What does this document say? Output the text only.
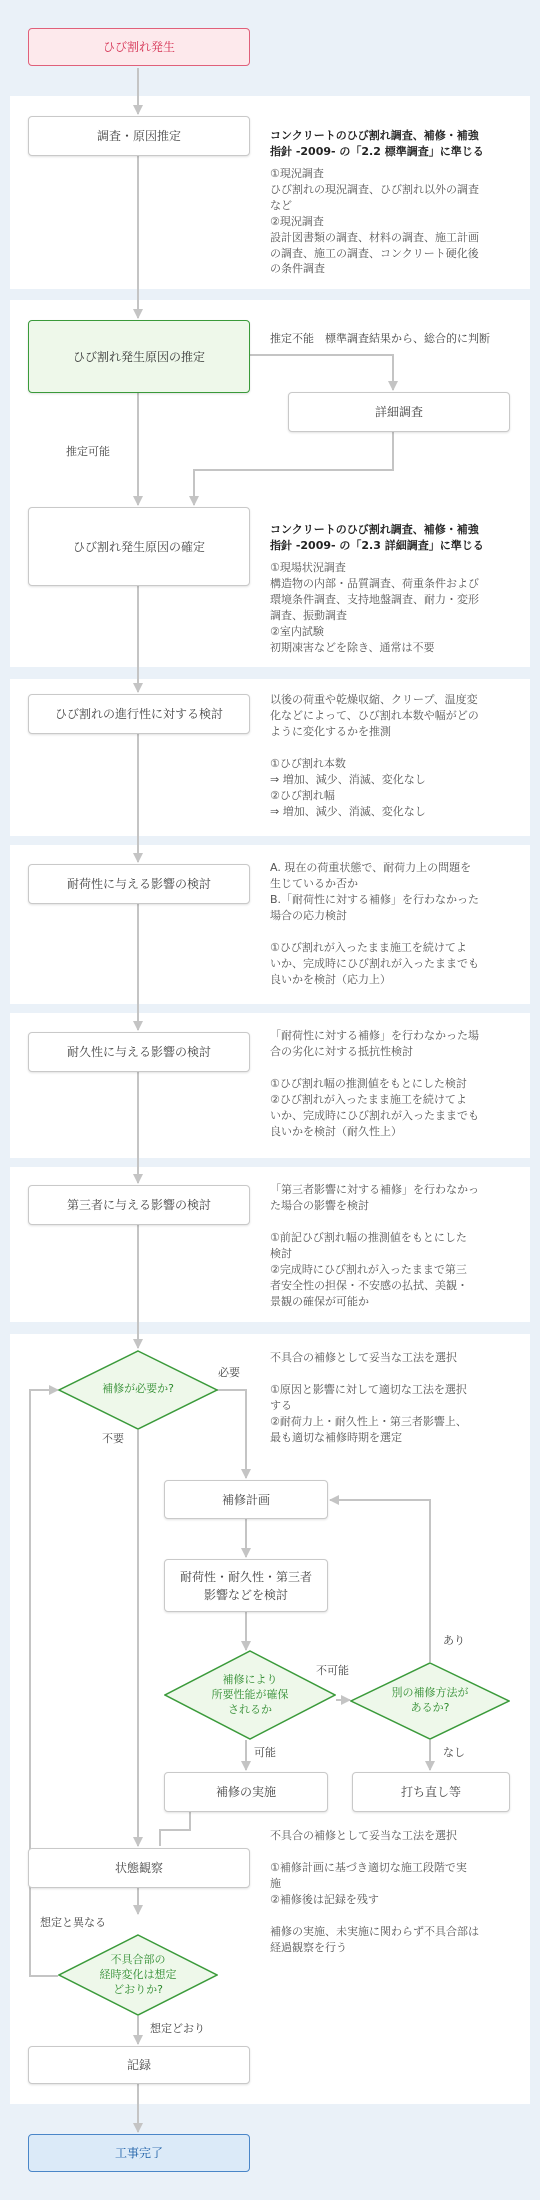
ひび割れ発生
工事完了
調査・原因推定
ひび割れ発生原因の推定
詳細調査
ひび割れ発生原因の確定
ひび割れの進行性に対する検討
耐荷性に与える影響の検討
耐久性に与える影響の検討
第三者に与える影響の検討
補修計画
耐荷性・耐久性・第三者
影響などを検討
補修の実施	打ち直し等
状態観察
記録
補修が必要か?
補修により
所要性能が確保
されるか
別の補修方法が
あるか?
不具合部の
経時変化は想定
どおりか?
推定不能　標準調査結果から、総合的に判断
推定可能
必要
不要
不可能
可能
あり
なし
想定と異なる
想定どおり

コンクリートのひび割れ調査、補修・補強
指針 -2009- の「2.2 標準調査」に準じる
①現況調査
ひび割れの現況調査、ひび割れ以外の調査
など
②現況調査
設計図書類の調査、材料の調査、施工計画
の調査、施工の調査、コンクリート硬化後
の条件調査

コンクリートのひび割れ調査、補修・補強
指針 -2009- の「2.3 詳細調査」に準じる
①現場状況調査
構造物の内部・品質調査、荷重条件および
環境条件調査、支持地盤調査、耐力・変形
調査、振動調査
②室内試験
初期凍害などを除き、通常は不要

以後の荷重や乾燥収縮、クリープ、温度変
化などによって、ひび割れ本数や幅がどの
ように変化するかを推測

①ひび割れ本数
⇒ 増加、減少、消滅、変化なし
②ひび割れ幅
⇒ 増加、減少、消滅、変化なし
A. 現在の荷重状態で、耐荷力上の問題を
生じているか否か
B.「耐荷性に対する補修」を行わなかった
場合の応力検討

①ひび割れが入ったまま施工を続けてよ
いか、完成時にひび割れが入ったままでも
良いかを検討（応力上）
「耐荷性に対する補修」を行わなかった場
合の劣化に対する抵抗性検討

①ひび割れ幅の推測値をもとにした検討
②ひび割れが入ったまま施工を続けてよ
いか、完成時にひび割れが入ったままでも
良いかを検討（耐久性上）
「第三者影響に対する補修」を行わなかっ
た場合の影響を検討

①前記ひび割れ幅の推測値をもとにした
検討
②完成時にひび割れが入ったままで第三
者安全性の担保・不安感の払拭、美観・
景観の確保が可能か
不具合の補修として妥当な工法を選択

①原因と影響に対して適切な工法を選択
する
②耐荷力上・耐久性上・第三者影響上、
最も適切な補修時期を選定
不具合の補修として妥当な工法を選択

①補修計画に基づき適切な施工段階で実
施
②補修後は記録を残す

補修の実施、未実施に関わらず不具合部は
経過観察を行う
